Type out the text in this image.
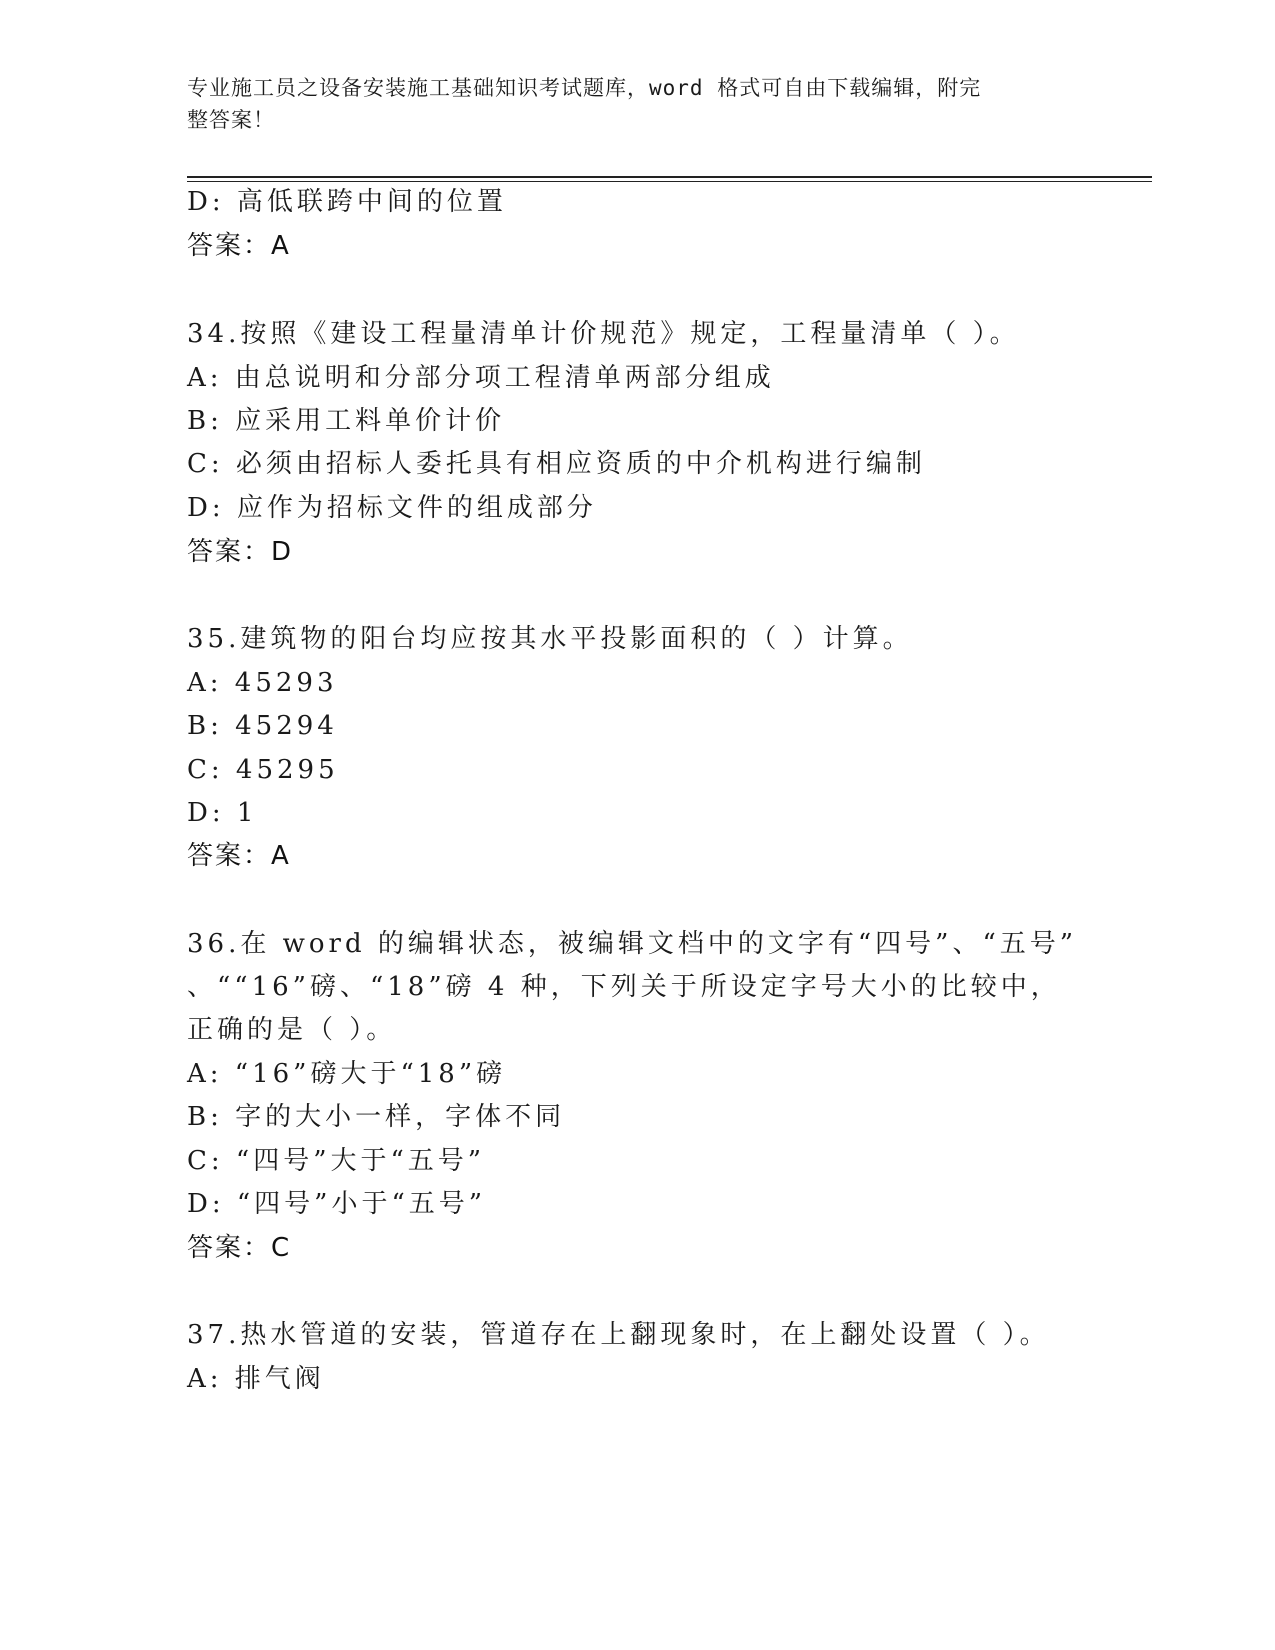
专业施工员之设备安装施工基础知识考试题库，word 格式可自由下载编辑，附完
整答案！
D: 高低联跨中间的位置
答案：A
34.按照《建设工程量清单计价规范》规定，工程量清单（ ）。
A: 由总说明和分部分项工程清单两部分组成
B: 应采用工料单价计价
C: 必须由招标人委托具有相应资质的中介机构进行编制
D: 应作为招标文件的组成部分
答案：D
35.建筑物的阳台均应按其水平投影面积的（ ）计算。
A: 45293
B: 45294
C: 45295
D: 1
答案：A
36.在 word 的编辑状态，被编辑文档中的文字有“四号”、“五号”
、““16”磅、“18”磅 4 种，下列关于所设定字号大小的比较中，
正确的是（ ）。
A: “16”磅大于“18”磅
B: 字的大小一样，字体不同
C: “四号”大于“五号”
D: “四号”小于“五号”
答案：C
37.热水管道的安装，管道存在上翻现象时，在上翻处设置（ ）。
A: 排气阀
